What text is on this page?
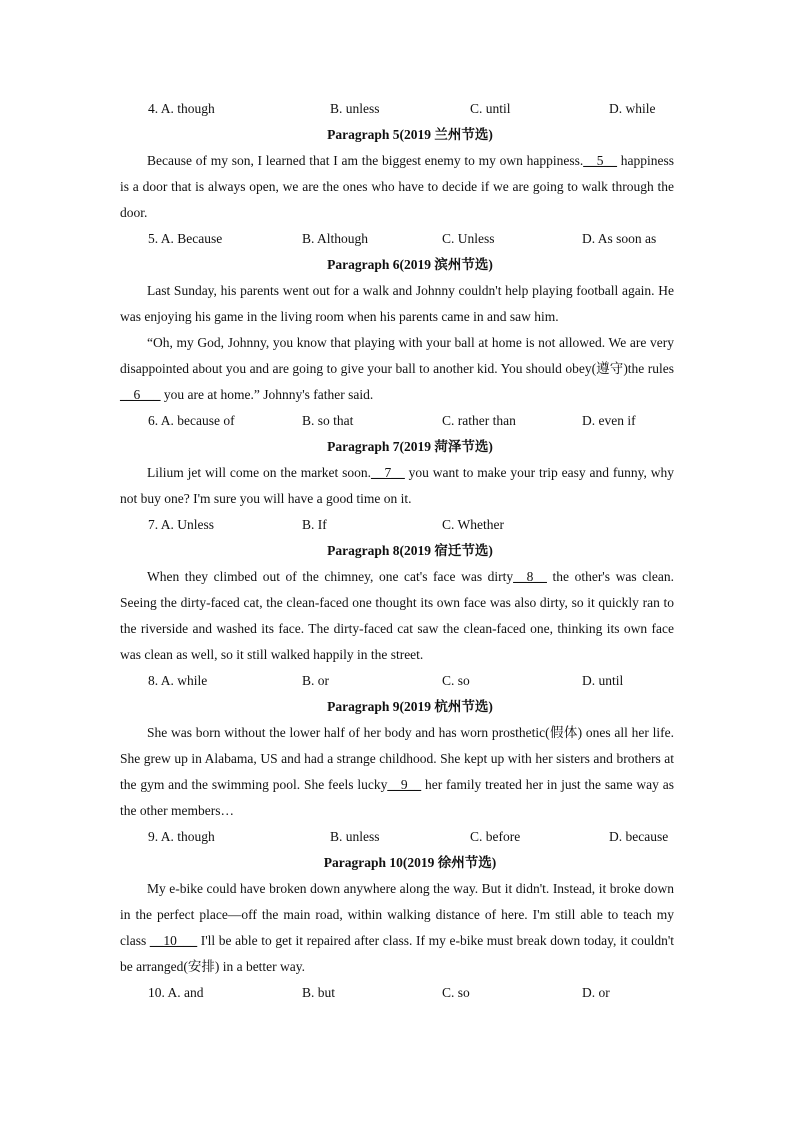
4. A. though	B. unless	C. until	D. while
Paragraph 5(2019 兰州节选)
Because of my son, I learned that I am the biggest enemy to my own happiness.__5__ happiness is a door that is always open, we are the ones who have to decide if we are going to walk through the door.
5. A. Because	B. Although	C. Unless	D. As soon as
Paragraph 6(2019 滨州节选)
Last Sunday, his parents went out for a walk and Johnny couldn't help playing football again. He was enjoying his game in the living room when his parents came in and saw him.
“Oh, my God, Johnny, you know that playing with your ball at home is not allowed. We are very disappointed about you and are going to give your ball to another kid. You should obey(遵守)the rules __6___ you are at home.” Johnny's father said.
6. A. because of	B. so that	C. rather than	D. even if
Paragraph 7(2019 菏泽节选)
Lilium jet will come on the market soon.__7__ you want to make your trip easy and funny, why not buy one? I'm sure you will have a good time on it.
7. A. Unless	B. If	C. Whether
Paragraph 8(2019 宿迁节选)
When they climbed out of the chimney, one cat's face was dirty__8__ the other's was clean. Seeing the dirty-faced cat, the clean-faced one thought its own face was also dirty, so it quickly ran to the riverside and washed its face. The dirty-faced cat saw the clean-faced one, thinking its own face was clean as well, so it still walked happily in the street.
8. A. while	B. or	C. so	D. until
Paragraph 9(2019 杭州节选)
She was born without the lower half of her body and has worn prosthetic(假体) ones all her life. She grew up in Alabama, US and had a strange childhood. She kept up with her sisters and brothers at the gym and the swimming pool. She feels lucky__9__ her family treated her in just the same way as the other members…
9. A. though	B. unless	C. before	D. because
Paragraph 10(2019 徐州节选)
My e-bike could have broken down anywhere along the way. But it didn't. Instead, it broke down in the perfect place—off the main road, within walking distance of here. I'm still able to teach my class __10___ I'll be able to get it repaired after class. If my e-bike must break down today, it couldn't be arranged(安排) in a better way.
10. A. and	B. but	C. so	D. or
